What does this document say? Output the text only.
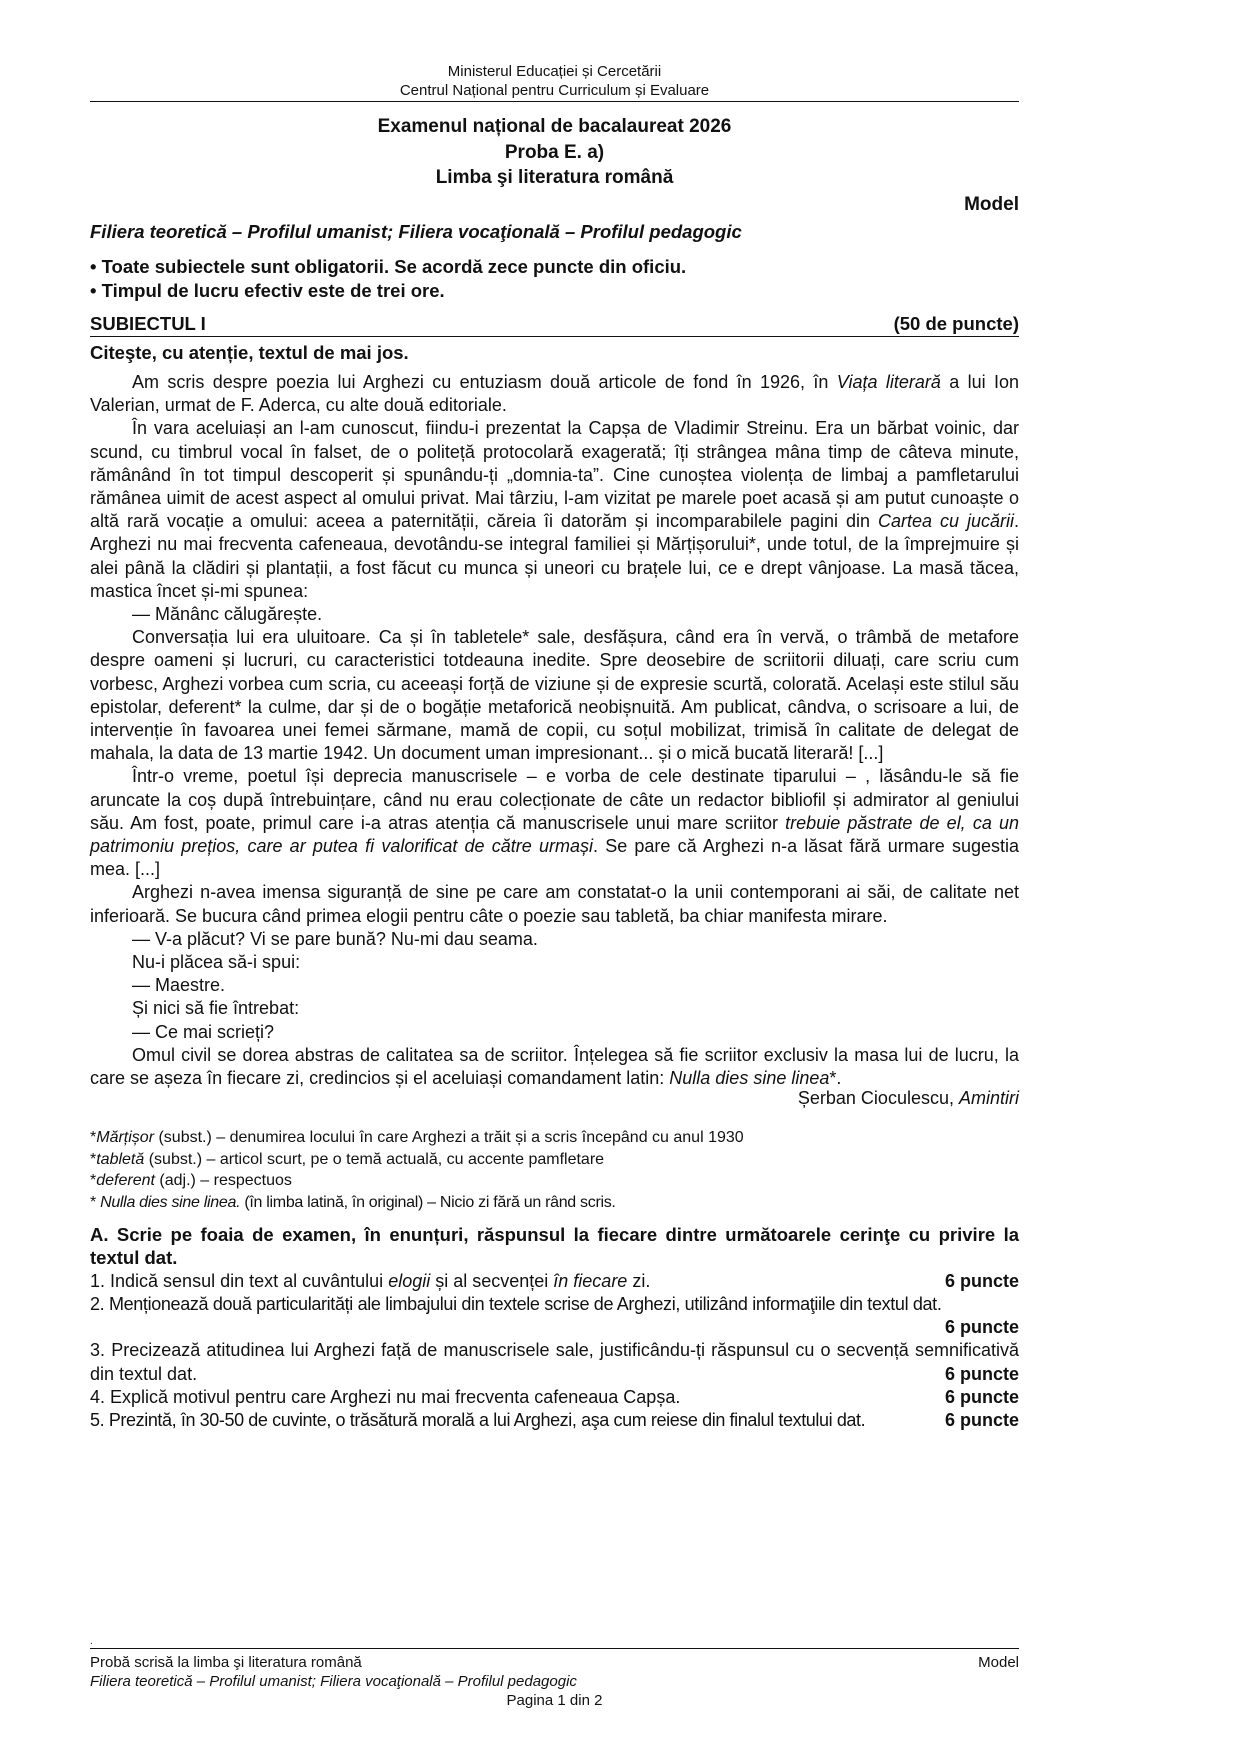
Ministerul Educației și Cercetării
Centrul Național pentru Curriculum și Evaluare
Examenul național de bacalaureat 2026
Proba E. a)
Limba şi literatura română
Model
Filiera teoretică – Profilul umanist; Filiera vocaţională – Profilul pedagogic
• Toate subiectele sunt obligatorii. Se acordă zece puncte din oficiu.
• Timpul de lucru efectiv este de trei ore.
SUBIECTUL I	(50 de puncte)
Citeşte, cu atenție, textul de mai jos.

Am scris despre poezia lui Arghezi cu entuziasm două articole de fond în 1926, în Viața literară a lui Ion Valerian, urmat de F. Aderca, cu alte două editoriale.

În vara aceluiași an l-am cunoscut, fiindu-i prezentat la Capșa de Vladimir Streinu. Era un bărbat voinic, dar scund, cu timbrul vocal în falset, de o politeță protocolară exagerată; îți strângea mâna timp de câteva minute, rămânând în tot timpul descoperit și spunându-ți „domnia-ta”. Cine cunoștea violența de limbaj a pamfletarului rămânea uimit de acest aspect al omului privat. Mai târziu, l-am vizitat pe marele poet acasă și am putut cunoaște o altă rară vocație a omului: aceea a paternității, căreia îi datorăm și incomparabilele pagini din Cartea cu jucării. Arghezi nu mai frecventa cafeneaua, devotându-se integral familiei și Mărțișorului*, unde totul, de la împrejmuire și alei până la clădiri și plantații, a fost făcut cu munca și uneori cu brațele lui, ce e drept vânjoase. La masă tăcea, mastica încet și-mi spunea:

— Mănânc călugărește.

Conversația lui era uluitoare. Ca și în tabletele* sale, desfășura, când era în vervă, o trâmbă de metafore despre oameni și lucruri, cu caracteristici totdeauna inedite. Spre deosebire de scriitorii diluați, care scriu cum vorbesc, Arghezi vorbea cum scria, cu aceeași forță de viziune și de expresie scurtă, colorată. Același este stilul său epistolar, deferent* la culme, dar și de o bogăție metaforică neobișnuită. Am publicat, cândva, o scrisoare a lui, de intervenție în favoarea unei femei sărmane, mamă de copii, cu soțul mobilizat, trimisă în calitate de delegat de mahala, la data de 13 martie 1942. Un document uman impresionant... și o mică bucată literară! [...]

Într-o vreme, poetul își deprecia manuscrisele – e vorba de cele destinate tiparului – , lăsându-le să fie aruncate la coș după întrebuințare, când nu erau colecționate de câte un redactor bibliofil și admirator al geniului său. Am fost, poate, primul care i-a atras atenția că manuscrisele unui mare scriitor trebuie păstrate de el, ca un patrimoniu prețios, care ar putea fi valorificat de către urmași. Se pare că Arghezi n-a lăsat fără urmare sugestia mea. [...]

Arghezi n-avea imensa siguranță de sine pe care am constatat-o la unii contemporani ai săi, de calitate net inferioară. Se bucura când primea elogii pentru câte o poezie sau tabletă, ba chiar manifesta mirare.

— V-a plăcut? Vi se pare bună? Nu-mi dau seama.

Nu-i plăcea să-i spui:

— Maestre.

Și nici să fie întrebat:

— Ce mai scrieți?

Omul civil se dorea abstras de calitatea sa de scriitor. Înțelegea să fie scriitor exclusiv la masa lui de lucru, la care se așeza în fiecare zi, credincios și el aceluiași comandament latin: Nulla dies sine linea*.

Șerban Cioculescu, Amintiri
*Mărțișor (subst.) – denumirea locului în care Arghezi a trăit și a scris începând cu anul 1930
*tabletă (subst.) – articol scurt, pe o temă actuală, cu accente pamfletare
*deferent (adj.) – respectuos
* Nulla dies sine linea. (în limba latină, în original) – Nicio zi fără un rând scris.
A. Scrie pe foaia de examen, în enunțuri, răspunsul la fiecare dintre următoarele cerinţe cu privire la textul dat.
1. Indică sensul din text al cuvântului elogii și al secvenței în fiecare zi.	6 puncte
2. Menționează două particularități ale limbajului din textele scrise de Arghezi, utilizând informaţiile din textul dat.
6 puncte
3. Precizează atitudinea lui Arghezi față de manuscrisele sale, justificându-ți răspunsul cu o secvență semnificativă din textul dat.	6 puncte
4. Explică motivul pentru care Arghezi nu mai frecventa cafeneaua Capșa.	6 puncte
5. Prezintă, în 30-50 de cuvinte, o trăsătură morală a lui Arghezi, aşa cum reiese din finalul textului dat.	6 puncte
.
Probă scrisă la limba şi literatura română	Model
Filiera teoretică – Profilul umanist; Filiera vocaţională – Profilul pedagogic
Pagina 1 din 2
